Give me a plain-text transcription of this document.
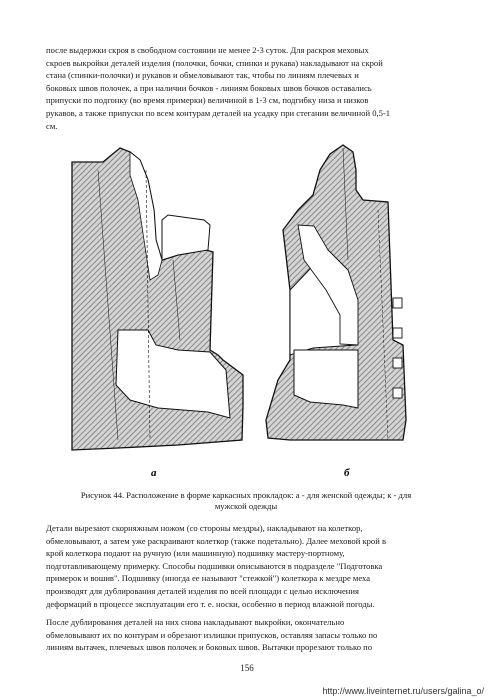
после выдержки скроя в свободном состоянии не менее 2-3 суток. Для раскроя меховых
скроев выкройки деталей изделия (полочки, бочки, спинки и рукава) накладывают на скрой
стана (спинки-полочки) и рукавов и обмеловывают так, чтобы по линиям плечевых и
боковых швов полочек, а при наличии бочков - линиям боковых швов бочков оставались
припуски по подгонку (во время примерки) величиной в 1-3 см, подгибку низа и низков
рукавов, а также припуски по всем контурам деталей на усадку при стегании величиной 0,5-1
см.
а	б
Рисунок 44. Расположение в форме каркасных прокладок: а - для женской одежды; к - для
мужской одежды
Детали вырезают скорняжным ножом (со стороны мездры), накладывают на колеткор,
обмеловывают, а затем уже раскраивают колеткор (также подетально). Далее меховой крой в
крой колеткора подают на ручную (или машинную) подшивку мастеру-портному,
подготавливающему примерку. Способы подшивки описываются в подразделе "Подготовка
примерок и вошив". Подшивку (иногда ее называют "стежкой") колеткора к мездре меха
производят для дублирования деталей изделия по всей площади с целью исключения
деформаций в процессе эксплуатации его т. е. носки, особенно в период влажной погоды.
После дублирования деталей на них снова накладывают выкройки, окончательно
обмеловывают их по контурам и обрезают излишки припусков, оставляя запасы только по
линиям вытачек, плечевых швов полочек и боковых швов. Вытачки прорезают только по
156
http://www.liveinternet.ru/users/galina_o/
